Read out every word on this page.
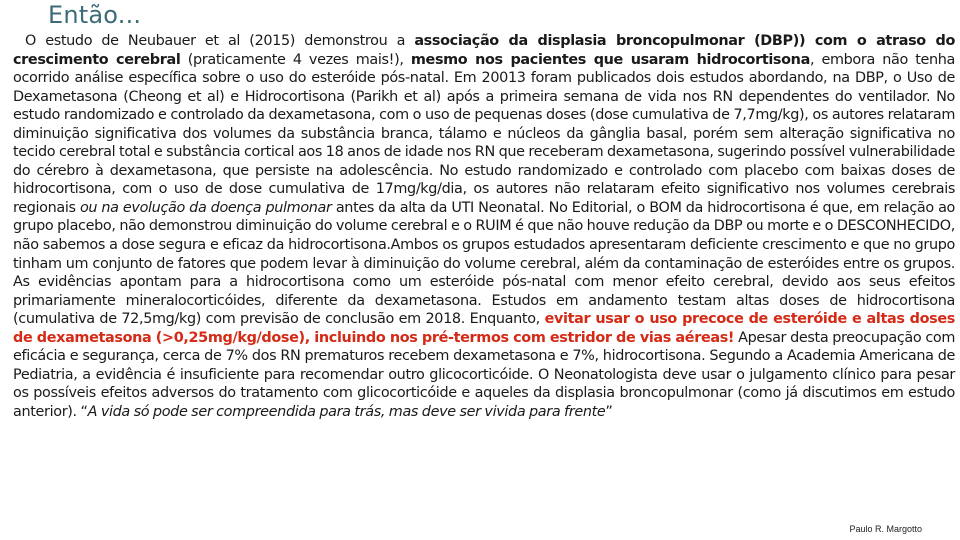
Então...
O estudo de Neubauer et al (2015) demonstrou a associação da displasia broncopulmonar (DBP)) com o atraso do crescimento cerebral (praticamente 4 vezes mais!), mesmo nos pacientes que usaram hidrocortisona, embora não tenha ocorrido análise específica sobre o uso do esteróide pós-natal. Em 20013 foram publicados dois estudos abordando, na DBP, o Uso de Dexametasona (Cheong et al) e Hidrocortisona (Parikh et al) após a primeira semana de vida nos RN dependentes do ventilador. No estudo randomizado e controlado da dexametasona, com o uso de pequenas doses (dose cumulativa de 7,7mg/kg), os autores relataram diminuição significativa dos volumes da substância branca, tálamo e núcleos da gânglia basal, porém sem alteração significativa no tecido cerebral total e substância cortical aos 18 anos de idade nos RN que receberam dexametasona, sugerindo possível vulnerabilidade do cérebro à dexametasona, que persiste na adolescência. No estudo randomizado e controlado com placebo com baixas doses de hidrocortisona, com o uso de dose cumulativa de 17mg/kg/dia, os autores não relataram efeito significativo nos volumes cerebrais regionais ou na evolução da doença pulmonar antes da alta da UTI Neonatal. No Editorial, o BOM da hidrocortisona é que, em relação ao grupo placebo, não demonstrou diminuição do volume cerebral e o RUIM é que não houve redução da DBP ou morte e o DESCONHECIDO, não sabemos a dose segura e eficaz da hidrocortisona.Ambos os grupos estudados apresentaram deficiente crescimento e que no grupo tinham um conjunto de fatores que podem levar à diminuição do volume cerebral, além da contaminação de esteróides entre os grupos. As evidências apontam para a hidrocortisona como um esteróide pós-natal com menor efeito cerebral, devido aos seus efeitos primariamente mineralocorticóides, diferente da dexametasona. Estudos em andamento testam altas doses de hidrocortisona (cumulativa de 72,5mg/kg) com previsão de conclusão em 2018. Enquanto, evitar usar o uso precoce de esteróide e altas doses de dexametasona (>0,25mg/kg/dose), incluindo nos pré-termos com estridor de vias aéreas! Apesar desta preocupação com eficácia e segurança, cerca de 7% dos RN prematuros recebem dexametasona e 7%, hidrocortisona. Segundo a Academia Americana de Pediatria, a evidência é insuficiente para recomendar outro glicocorticóide. O Neonatologista deve usar o julgamento clínico para pesar os possíveis efeitos adversos do tratamento com glicocorticóide e aqueles da displasia broncopulmonar (como já discutimos em estudo anterior). “A vida só pode ser compreendida para trás, mas deve ser vivida para frente”
Paulo R. Margotto
